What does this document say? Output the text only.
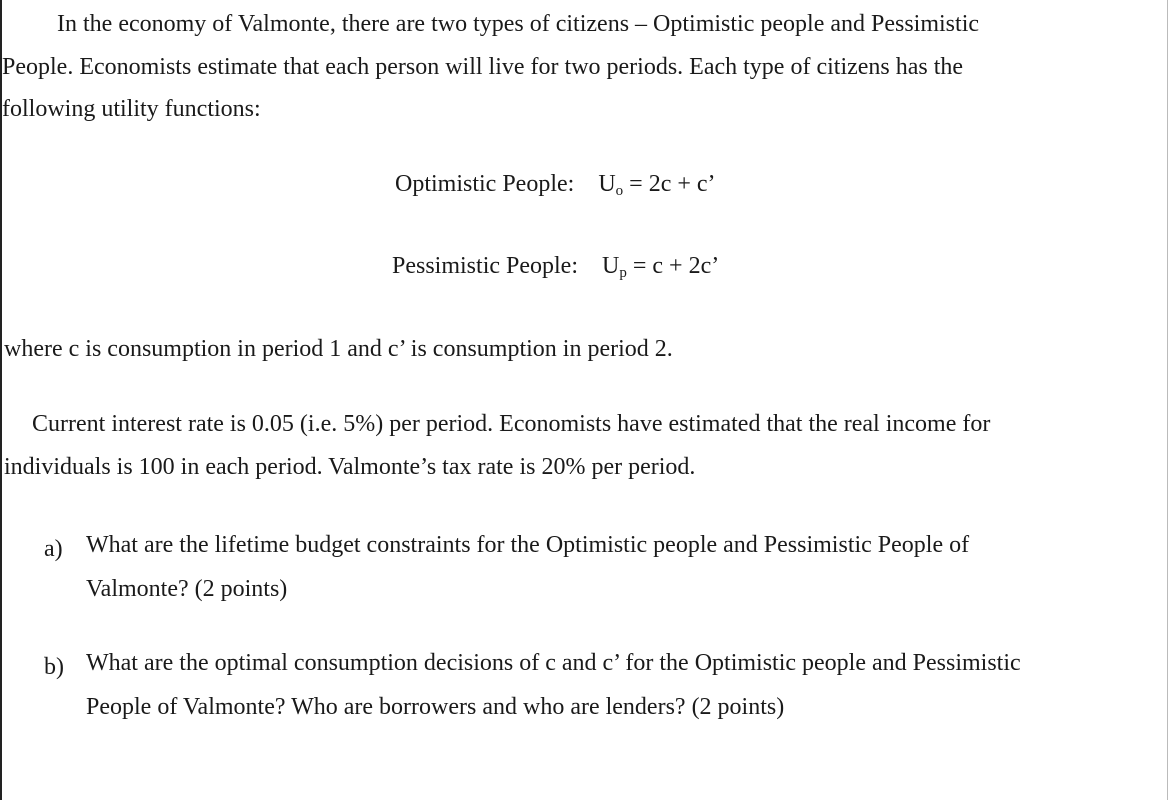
In the economy of Valmonte, there are two types of citizens – Optimistic people and Pessimistic
People. Economists estimate that each person will live for two periods. Each type of citizens has the
following utility functions:
Optimistic People: $U_o = 2c + c$’
Pessimistic People: $U_p = c + 2c$’
where c is consumption in period 1 and c’ is consumption in period 2.
Current interest rate is 0.05 (i.e. 5%) per period. Economists have estimated that the real income for
individuals is 100 in each period. Valmonte’s tax rate is 20% per period.
a) What are the lifetime budget constraints for the Optimistic people and Pessimistic People of
Valmonte? (2 points)
b) What are the optimal consumption decisions of c and c’ for the Optimistic people and Pessimistic
People of Valmonte? Who are borrowers and who are lenders? (2 points)
